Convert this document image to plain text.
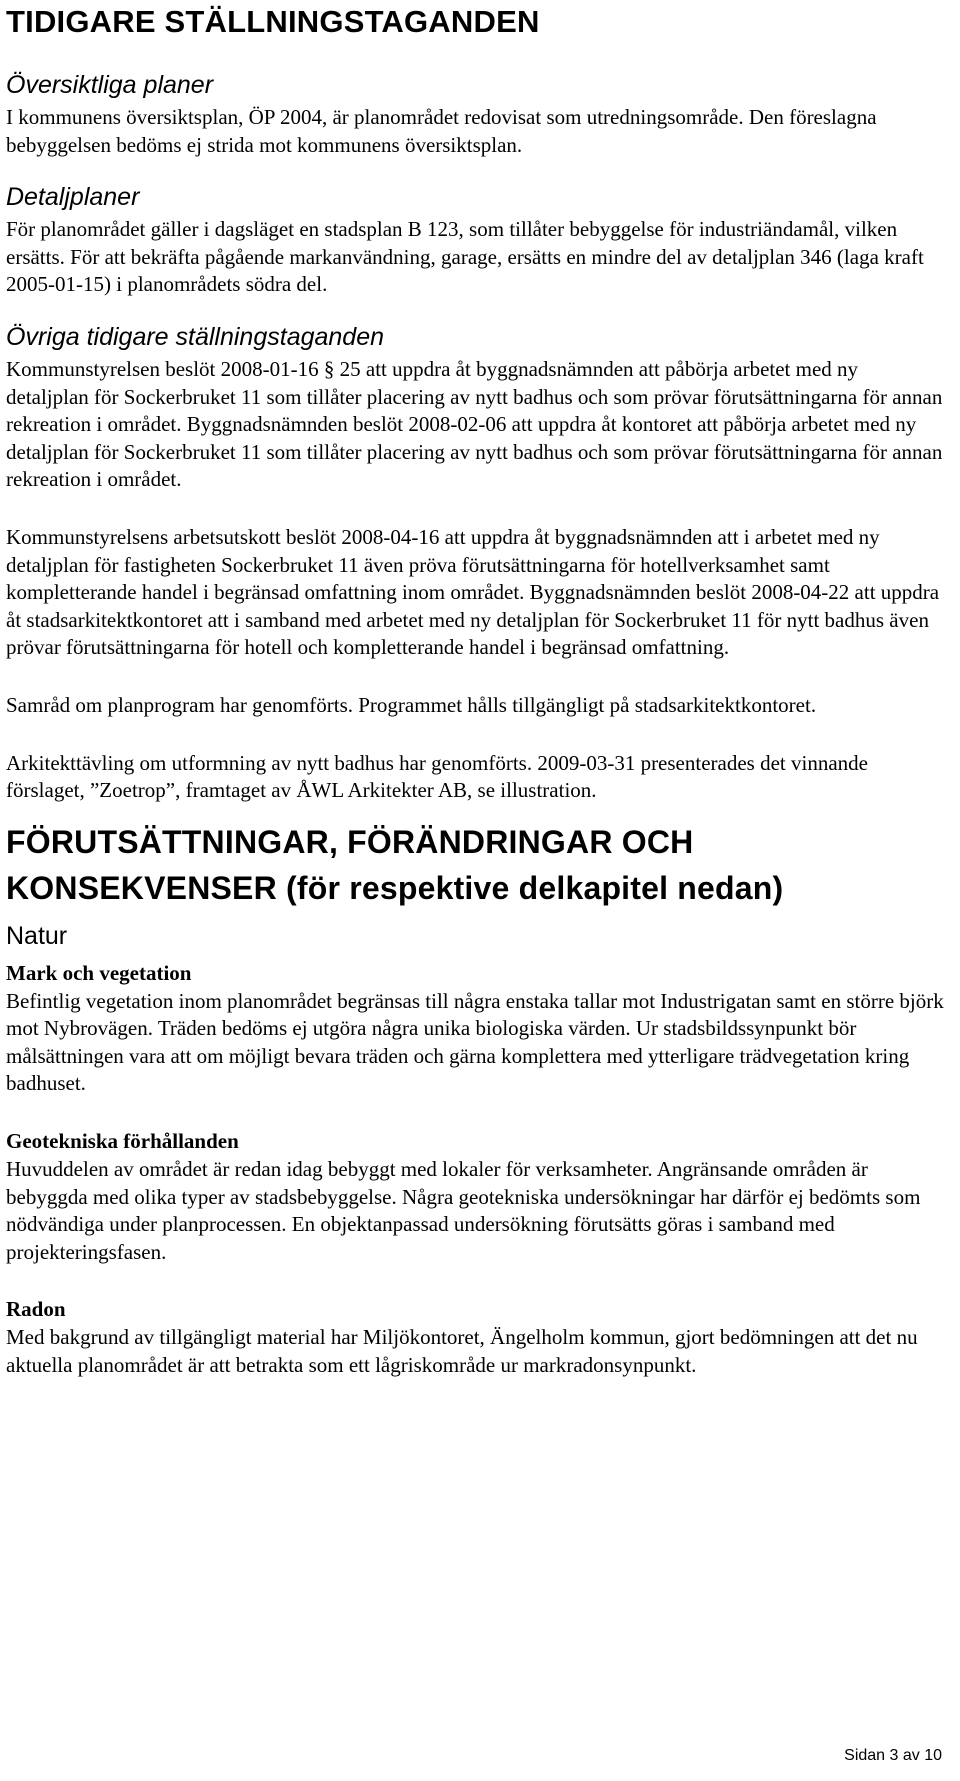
TIDIGARE STÄLLNINGSTAGANDEN
Översiktliga planer

I kommunens översiktsplan, ÖP 2004, är planområdet redovisat som utredningsområde. Den föreslagna bebyggelsen bedöms ej strida mot kommunens översiktsplan.

Detaljplaner

För planområdet gäller i dagsläget en stadsplan B 123, som tillåter bebyggelse för industriändamål, vilken ersätts. För att bekräfta pågående markanvändning, garage, ersätts en mindre del av detaljplan 346 (laga kraft 2005-01-15) i planområdets södra del.

Övriga tidigare ställningstaganden

Kommunstyrelsen beslöt 2008-01-16 § 25 att uppdra åt byggnadsnämnden att påbörja arbetet med ny detaljplan för Sockerbruket 11 som tillåter placering av nytt badhus och som prövar förutsättningarna för annan rekreation i området. Byggnadsnämnden beslöt 2008-02-06 att uppdra åt kontoret att påbörja arbetet med ny detaljplan för Sockerbruket 11 som tillåter placering av nytt badhus och som prövar förutsättningarna för annan rekreation i området.

Kommunstyrelsens arbetsutskott beslöt 2008-04-16 att uppdra åt byggnadsnämnden att i arbetet med ny detaljplan för fastigheten Sockerbruket 11 även pröva förutsättningarna för hotellverksamhet samt kompletterande handel i begränsad omfattning inom området. Byggnadsnämnden beslöt 2008-04-22 att uppdra åt stadsarkitektkontoret att i samband med arbetet med ny detaljplan för Sockerbruket 11 för nytt badhus även prövar förutsättningarna för hotell och kompletterande handel i begränsad omfattning.

Samråd om planprogram har genomförts. Programmet hålls tillgängligt på stadsarkitektkontoret.

Arkitekttävling om utformning av nytt badhus har genomförts. 2009-03-31 presenterades det vinnande förslaget, ”Zoetrop”, framtaget av ÅWL Arkitekter AB, se illustration.

FÖRUTSÄTTNINGAR, FÖRÄNDRINGAR OCH KONSEKVENSER (för respektive delkapitel nedan)
Natur
Mark och vegetation

Befintlig vegetation inom planområdet begränsas till några enstaka tallar mot Industrigatan samt en större björk mot Nybrovägen. Träden bedöms ej utgöra några unika biologiska värden. Ur stadsbildssynpunkt bör målsättningen vara att om möjligt bevara träden och gärna komplettera med ytterligare trädvegetation kring badhuset.

Geotekniska förhållanden

Huvuddelen av området är redan idag bebyggt med lokaler för verksamheter. Angränsande områden är bebyggda med olika typer av stadsbebyggelse. Några geotekniska undersökningar har därför ej bedömts som nödvändiga under planprocessen. En objektanpassad undersökning förutsätts göras i samband med projekteringsfasen.

Radon

Med bakgrund av tillgängligt material har Miljökontoret, Ängelholm kommun, gjort bedömningen att det nu aktuella planområdet är att betrakta som ett lågriskområde ur markradonsynpunkt.

Sidan 3 av 10
